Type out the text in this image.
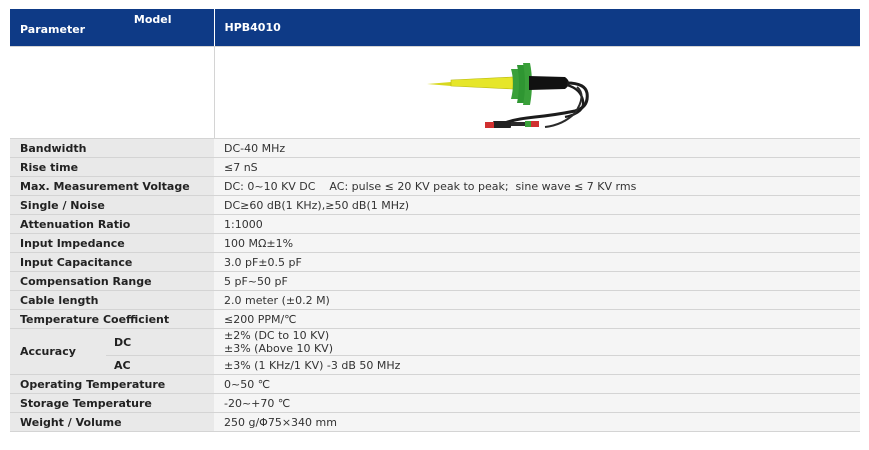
Model
Parameter		HPB4010

Bandwidth		DC-40 MHz
Rise time		≤7 nS
Max. Measurement Voltage		DC: 0~10 KV DC    AC: pulse ≤ 20 KV peak to peak;  sine wave ≤ 7 KV rms
Single / Noise		DC≥60 dB(1 KHz),≥50 dB(1 MHz)
Attenuation Ratio		1:1000
Input Impedance		100 MΩ±1%
Input Capacitance		3.0 pF±0.5 pF
Compensation Range		5 pF~50 pF
Cable length		2.0 meter (±0.2 M)
Temperature Coefficient		≤200 PPM/℃
Accuracy	DC	±2% (DC to 10 KV)
±3% (Above 10 KV)

	AC	±3% (1 KHz/1 KV) -3 dB 50 MHz
Operating Temperature		0~50 ℃
Storage Temperature		-20~+70 ℃
Weight / Volume		250 g/Φ75×340 mm
